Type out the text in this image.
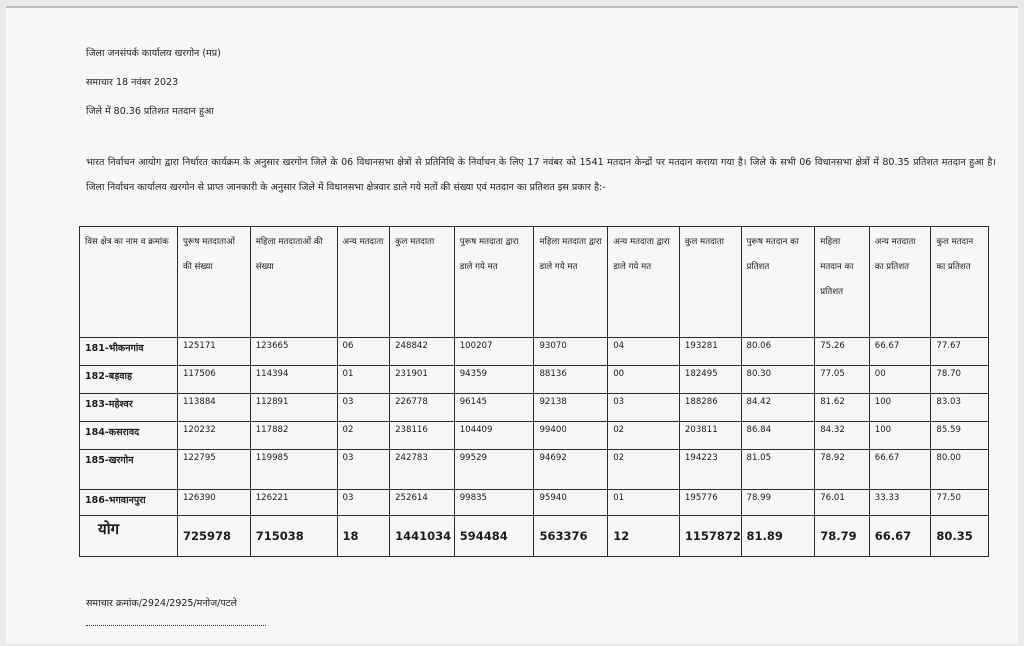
जिला जनसंपर्क कार्यालय खरगोन (मप्र)
समाचार 18 नवंबर 2023
जिले में 80.36 प्रतिशत मतदान हुआ
भारत निर्वाचन आयोग द्वारा निर्धारत कार्यक्रम के अनुसार खरगोन जिले के 06 विधानसभा क्षेत्रों से प्रतिनिधि के निर्वाचन के लिए 17 नवंबर को 1541 मतदान केन्द्रों पर मतदान कराया गया है। जिले के सभी 06 विधानसभा क्षेत्रों में 80.35 प्रतिशत मतदान हुआ है। जिला निर्वाचन कार्यालय खरगोन से प्राप्त जानकारी के अनुसार जिले में विधानसभा क्षेत्रवार डाले गये मतों की संख्या एवं मतदान का प्रतिशत इस प्रकार है:-
विस क्षेत्र का नाम व क्रमांक	पुरूष मतदाताओं की संख्या	महिला मतदाताओं की संख्या	अन्य मतदाता	कुल मतदाता	पुरूष मतदाता द्वारा डाले गये मत	महिला मतदाता द्वारा डाले गये मत	अन्य मतदाता द्वारा डाले गये मत	कुल मतदाता	पुरूष मतदान का प्रतिशत	महिला मतदान का प्रतिशत	अन्य मतदाता का प्रतिशत	कुल मतदान का प्रतिशत
181-भीकनगांव	125171	123665	06	248842	100207	93070	04	193281	80.06	75.26	66.67	77.67
182-बड़वाह	117506	114394	01	231901	94359	88136	00	182495	80.30	77.05	00	78.70
183-महेश्वर	113884	112891	03	226778	96145	92138	03	188286	84.42	81.62	100	83.03
184-कसरावद	120232	117882	02	238116	104409	99400	02	203811	86.84	84.32	100	85.59
185-खरगोन	122795	119985	03	242783	99529	94692	02	194223	81.05	78.92	66.67	80.00
186-भगवानपुरा	126390	126221	03	252614	99835	95940	01	195776	78.99	76.01	33.33	77.50
योग	725978	715038	18	1441034	594484	563376	12	1157872	81.89	78.79	66.67	80.35
समाचार क्रमांक/2924/2925/मनोज/पटले
